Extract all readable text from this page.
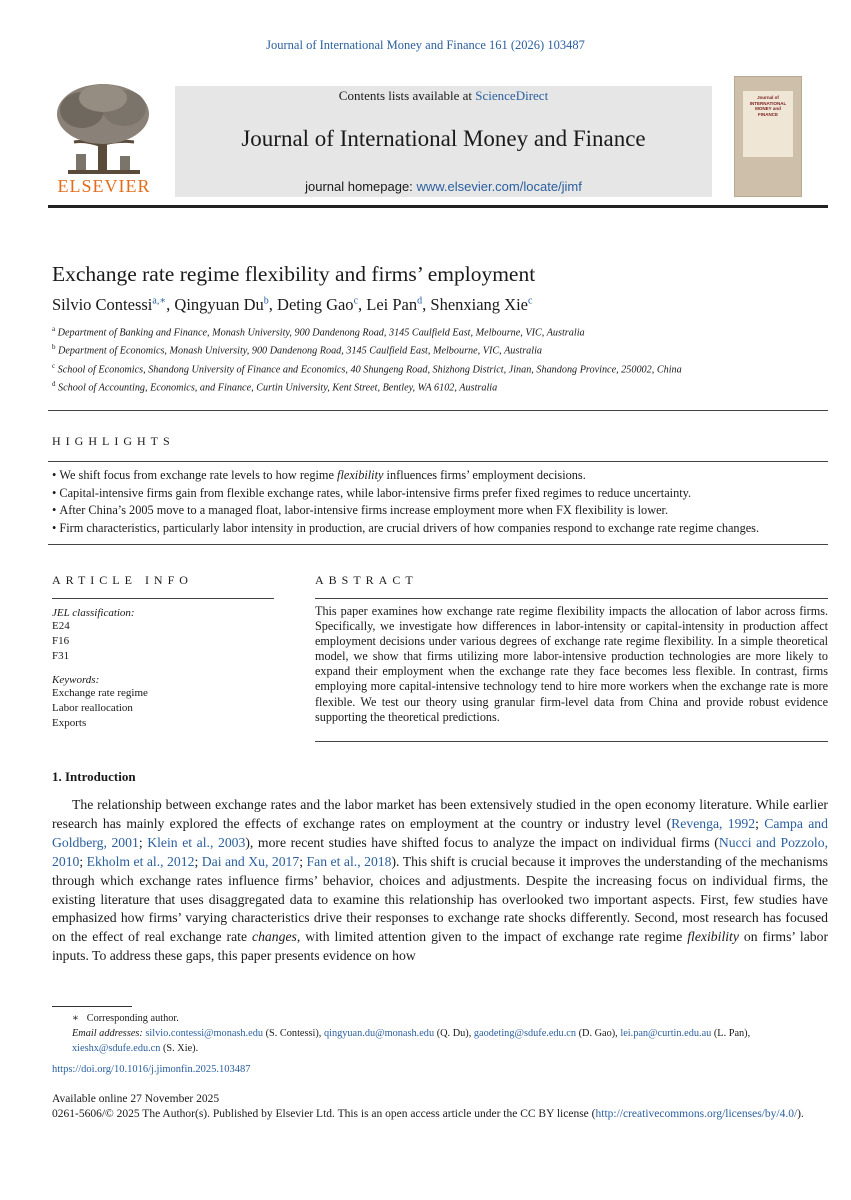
Journal of International Money and Finance 161 (2026) 103487
ELSEVIER
Contents lists available at ScienceDirect
Journal of International Money and Finance
journal homepage: www.elsevier.com/locate/jimf
Journal of INTERNATIONAL MONEY and FINANCE
Exchange rate regime flexibility and firms’ employment
Silvio Contessi$^{a,∗}$, Qingyuan Du$^b$, Deting Gao$^c$, Lei Pan$^d$, Shenxiang Xie$^c$
$^a$ Department of Banking and Finance, Monash University, 900 Dandenong Road, 3145 Caulfield East, Melbourne, VIC, Australia
$^b$ Department of Economics, Monash University, 900 Dandenong Road, 3145 Caulfield East, Melbourne, VIC, Australia
$^c$ School of Economics, Shandong University of Finance and Economics, 40 Shungeng Road, Shizhong District, Jinan, Shandong Province, 250002, China
$^d$ School of Accounting, Economics, and Finance, Curtin University, Kent Street, Bentley, WA 6102, Australia
HIGHLIGHTS
• We shift focus from exchange rate levels to how regime flexibility influences firms’ employment decisions.
• Capital-intensive firms gain from flexible exchange rates, while labor-intensive firms prefer fixed regimes to reduce uncertainty.
• After China’s 2005 move to a managed float, labor-intensive firms increase employment more when FX flexibility is lower.
• Firm characteristics, particularly labor intensity in production, are crucial drivers of how companies respond to exchange rate regime changes.
ARTICLE INFO
JEL classification:
E24
F16
F31
Keywords:
Exchange rate regime
Labor reallocation
Exports
ABSTRACT
This paper examines how exchange rate regime flexibility impacts the allocation of labor across firms. Specifically, we investigate how differences in labor-intensity or capital-intensity in production affect employment decisions under various degrees of exchange rate regime flexibility. In a simple theoretical model, we show that firms utilizing more labor-intensive production technologies are more likely to expand their employment when the exchange rate they face becomes less flexible. In contrast, firms employing more capital-intensive technology tend to hire more workers when the exchange rate is more flexible. We test our theory using granular firm-level data from China and provide robust evidence supporting the theoretical predictions.
1. Introduction
The relationship between exchange rates and the labor market has been extensively studied in the open economy literature. While earlier research has mainly explored the effects of exchange rates on employment at the country or industry level (Revenga, 1992; Campa and Goldberg, 2001; Klein et al., 2003), more recent studies have shifted focus to analyze the impact on individual firms (Nucci and Pozzolo, 2010; Ekholm et al., 2012; Dai and Xu, 2017; Fan et al., 2018). This shift is crucial because it improves the understanding of the mechanisms through which exchange rates influence firms’ behavior, choices and adjustments. Despite the increasing focus on individual firms, the existing literature that uses disaggregated data to examine this relationship has overlooked two important aspects. First, few studies have emphasized how firms’ varying characteristics drive their responses to exchange rate shocks differently. Second, most research has focused on the effect of real exchange rate changes, with limited attention given to the impact of exchange rate regime flexibility on firms’ labor inputs. To address these gaps, this paper presents evidence on how
∗ Corresponding author.
Email addresses: silvio.contessi@monash.edu (S. Contessi), qingyuan.du@monash.edu (Q. Du), gaodeting@sdufe.edu.cn (D. Gao), lei.pan@curtin.edu.au (L. Pan), xieshx@sdufe.edu.cn (S. Xie).
https://doi.org/10.1016/j.jimonfin.2025.103487
Available online 27 November 2025
0261-5606/© 2025 The Author(s). Published by Elsevier Ltd. This is an open access article under the CC BY license (http://creativecommons.org/licenses/by/4.0/).
